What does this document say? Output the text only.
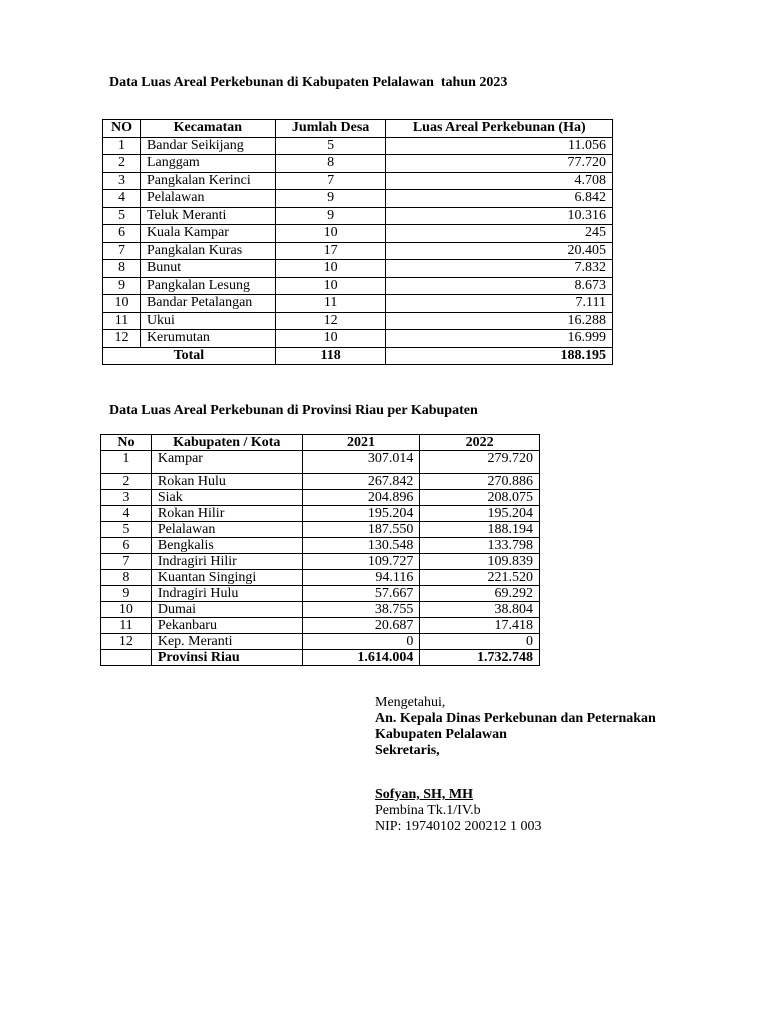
Data Luas Areal Perkebunan di Kabupaten Pelalawan  tahun 2023
NO	Kecamatan	Jumlah Desa	Luas Areal Perkebunan (Ha)
1	Bandar Seikijang	5	11.056
2	Langgam	8	77.720
3	Pangkalan Kerinci	7	4.708
4	Pelalawan	9	6.842
5	Teluk Meranti	9	10.316
6	Kuala Kampar	10	245
7	Pangkalan Kuras	17	20.405
8	Bunut	10	7.832
9	Pangkalan Lesung	10	8.673
10	Bandar Petalangan	11	7.111
11	Ukui	12	16.288
12	Kerumutan	10	16.999
Total		118	188.195
Data Luas Areal Perkebunan di Provinsi Riau per Kabupaten
No	Kabupaten / Kota	2021	2022
1	Kampar	307.014	279.720
2	Rokan Hulu	267.842	270.886
3	Siak	204.896	208.075
4	Rokan Hilir	195.204	195.204
5	Pelalawan	187.550	188.194
6	Bengkalis	130.548	133.798
7	Indragiri Hilir	109.727	109.839
8	Kuantan Singingi	94.116	221.520
9	Indragiri Hulu	57.667	69.292
10	Dumai	38.755	38.804
11	Pekanbaru	20.687	17.418
12	Kep. Meranti	0	0
	Provinsi Riau	1.614.004	1.732.748
Mengetahui,
An. Kepala Dinas Perkebunan dan Peternakan
Kabupaten Pelalawan
Sekretaris,
Sofyan, SH, MH
Pembina Tk.1/IV.b
NIP: 19740102 200212 1 003
